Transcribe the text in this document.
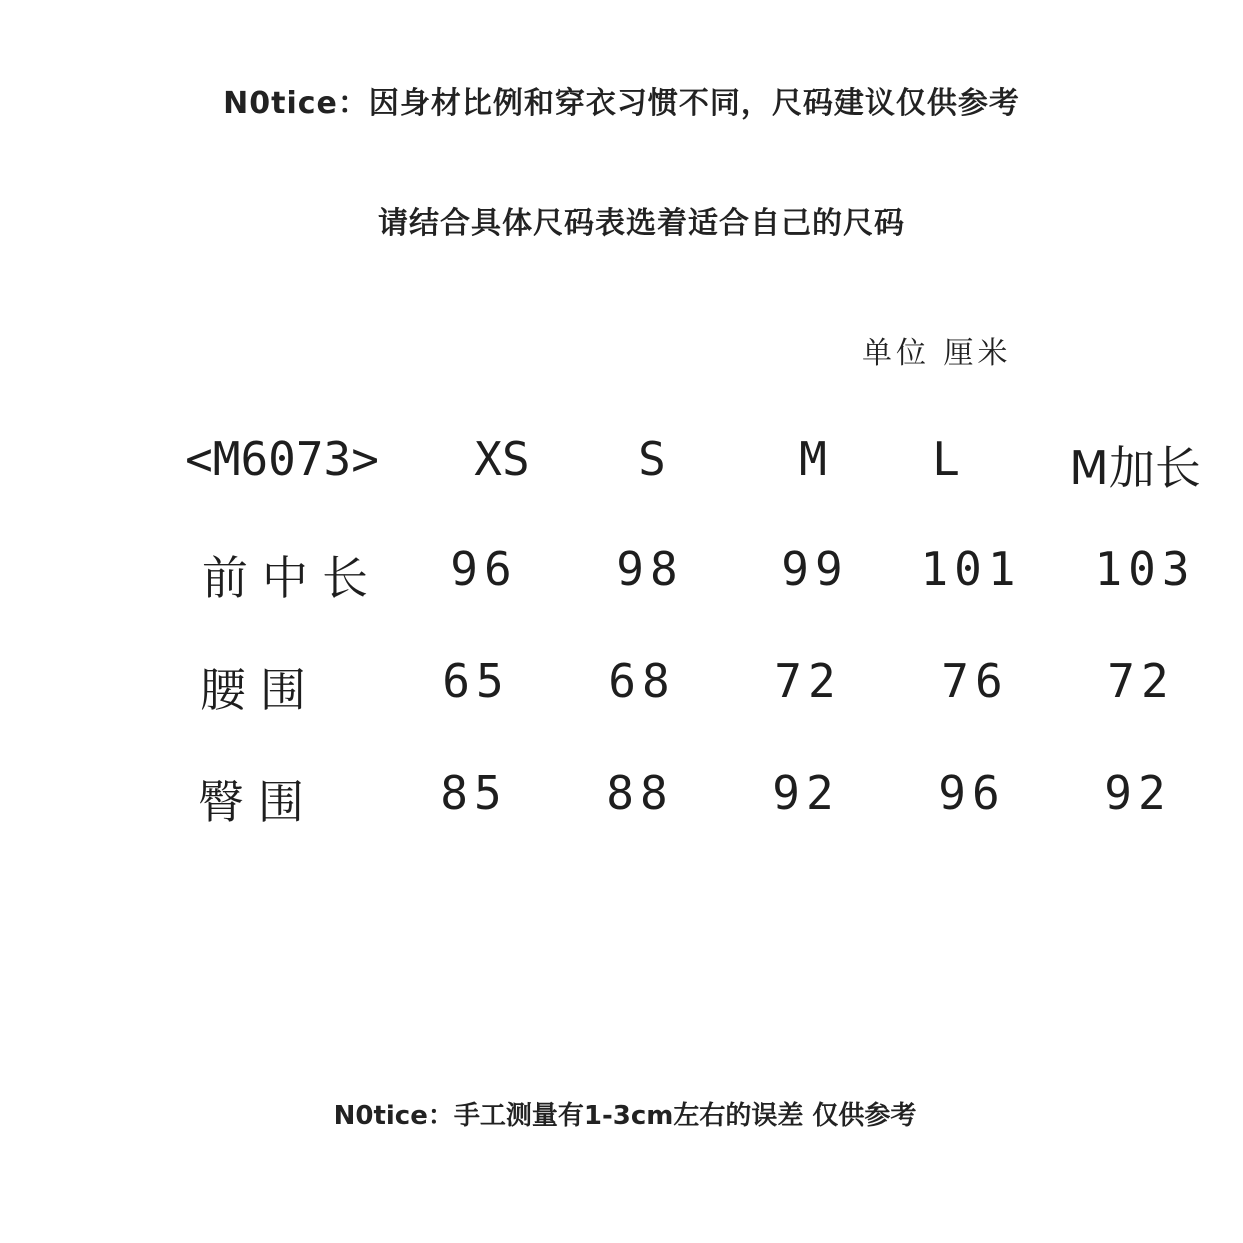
N0tice：因身材比例和穿衣习惯不同，尺码建议仅供参考
请结合具体尺码表选着适合自己的尺码
单位 厘米
<M6073> XS S	M L M加长
前中长 96 98 99 101 103
腰围	65 68 72 76 72
臀围	85 88 92 96 92
N0tice：手工测量有1-3cm左右的误差 仅供参考
